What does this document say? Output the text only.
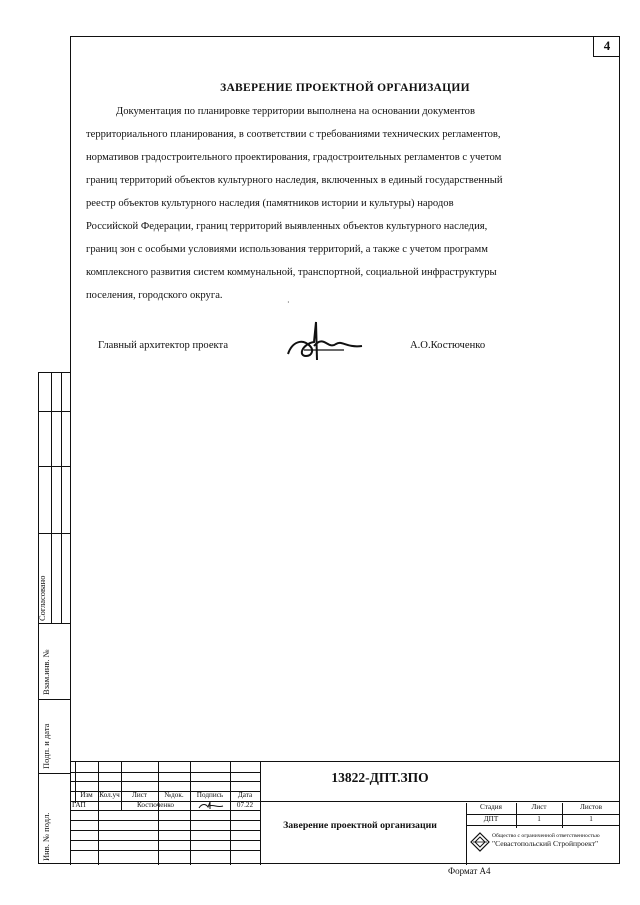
4
ЗАВЕРЕНИЕ ПРОЕКТНОЙ ОРГАНИЗАЦИИ

Документация по планировке территории выполнена на основании документов

территориального планирования, в соответствии с требованиями технических регламентов,
нормативов градостроительного проектирования, градостроительных регламентов с учетом
границ территорий объектов культурного наследия, включенных в единый государственный
реестр объектов культурного наследия (памятников истории и культуры) народов
Российской Федерации, границ территорий выявленных объектов культурного наследия,
границ зон с особыми условиями использования территорий, а также с учетом программ
комплексного развития систем коммунальной, транспортной, социальной инфраструктуры
поселения, городского округа.
·
Главный архитектор проекта	А.О.Костюченко
Согласовано
Взам.инв. №
Подп. и дата
Инв. № подл.
13822-ДПТ.ЗПО
Изм Кол.уч	Лист	№док.	Подпись	Дата
ГАП	Костюченко	07.22
Заверение проектной организации
Стадия	Лист	Листов
ДПТ	1	1
Общество с ограниченной ответственностью
"Севастопольский Стройпроект"
Формат А4
